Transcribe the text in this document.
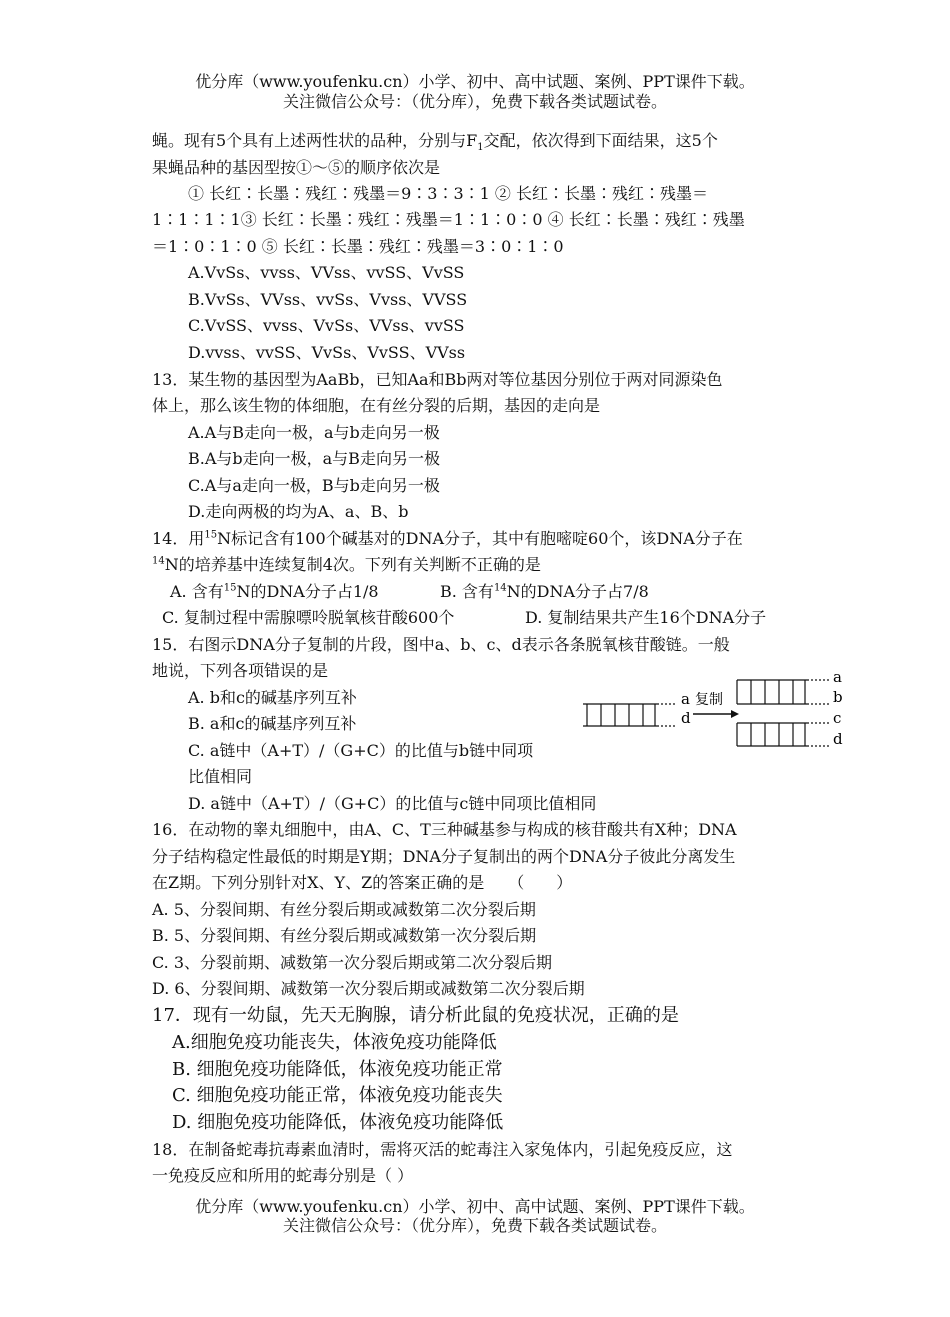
优分库（www.youfenku.cn）小学、初中、高中试题、案例、PPT课件下载。
关注微信公众号：（优分库），免费下载各类试题试卷。
蝇。现有5个具有上述两性状的品种，分别与$F_1$交配，依次得到下面结果，这5个
果蝇品种的基因型按①～⑤的顺序依次是
① 长红∶长墨∶残红∶残墨＝9∶3∶3∶1 ② 长红∶长墨∶残红∶残墨＝
1∶1∶1∶1③ 长红∶长墨∶残红∶残墨＝1∶1∶0∶0 ④ 长红∶长墨∶残红∶残墨
＝1∶0∶1∶0 ⑤ 长红∶长墨∶残红∶残墨＝3∶0∶1∶0
A.VvSs、vvss、VVss、vvSS、VvSS
B.VvSs、VVss、vvSs、Vvss、VVSS
C.VvSS、vvss、VvSs、VVss、vvSS
D.vvss、vvSS、VvSs、VvSS、VVss
13．某生物的基因型为AaBb，已知Aa和Bb两对等位基因分别位于两对同源染色
体上，那么该生物的体细胞，在有丝分裂的后期，基因的走向是
A.A与B走向一极，a与b走向另一极
B.A与b走向一极，a与B走向另一极
C.A与a走向一极，B与b走向另一极
D.走向两极的均为A、a、B、b
14．用$^{15}$N标记含有100个碱基对的DNA分子，其中有胞嘧啶60个，该DNA分子在
$^{14}$N的培养基中连续复制4次。下列有关判断不正确的是
A. 含有$^{15}$N的DNA分子占1/8	B. 含有$^{14}$N的DNA分子占7/8
C. 复制过程中需腺嘌呤脱氧核苷酸600个	D. 复制结果共产生16个DNA分子
15．右图示DNA分子复制的片段，图中a、b、c、d表示各条脱氧核苷酸链。一般
地说，下列各项错误的是
A. b和c的碱基序列互补
B. a和c的碱基序列互补
C. a链中（A+T）/（G+C）的比值与b链中同项
比值相同
D. a链中（A+T）/（G+C）的比值与c链中同项比值相同
a
d
复制
a
b
c
d
16．在动物的睾丸细胞中，由A、C、T三种碱基参与构成的核苷酸共有X种；DNA
分子结构稳定性最低的时期是Y期；DNA分子复制出的两个DNA分子彼此分离发生
在Z期。下列分别针对X、Y、Z的答案正确的是　　（　　）
A. 5、分裂间期、有丝分裂后期或减数第二次分裂后期
B. 5、分裂间期、有丝分裂后期或减数第一次分裂后期
C. 3、分裂前期、减数第一次分裂后期或第二次分裂后期
D. 6、分裂间期、减数第一次分裂后期或减数第二次分裂后期
17．现有一幼鼠，先天无胸腺，请分析此鼠的免疫状况，正确的是
A.细胞免疫功能丧失，体液免疫功能降低
B. 细胞免疫功能降低，体液免疫功能正常
C. 细胞免疫功能正常，体液免疫功能丧失
D. 细胞免疫功能降低，体液免疫功能降低
18．在制备蛇毒抗毒素血清时，需将灭活的蛇毒注入家兔体内，引起免疫反应，这
一免疫反应和所用的蛇毒分别是（ ）
优分库（www.youfenku.cn）小学、初中、高中试题、案例、PPT课件下载。
关注微信公众号：（优分库），免费下载各类试题试卷。
